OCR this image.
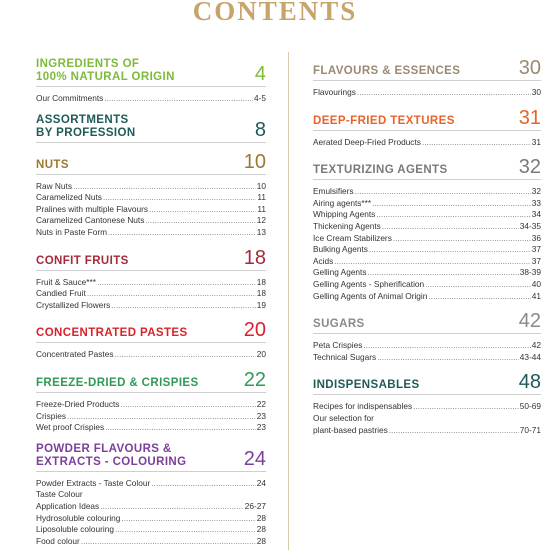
CONTENTS
INGREDIENTS OF
100% NATURAL ORIGIN	4
Our Commitments .....	4-5
ASSORTMENTS
BY PROFESSION	8
NUTS	10
Raw Nuts .....	10
Caramelized Nuts .....	11
Pralines with multiple Flavours .....	11
Caramelized Cantonese Nuts .....	12
Nuts in Paste Form .....	13
CONFIT FRUITS	18
Fruit & Sauce*** .....	18
Candied Fruit .....	18
Crystallized Flowers .....	19
CONCENTRATED PASTES	20
Concentrated Pastes .....	20
FREEZE-DRIED & CRISPIES 22
Freeze-Dried Products .....	22
Crispies .....	23
Wet proof Crispies .....	23
POWDER FLAVOURS &
EXTRACTS - COLOURING	24
Powder Extracts - Taste Colour .....	24
Taste Colour
Application Ideas .....	26-27
Hydrosoluble colouring .....	28
Liposoluble colouring .....	28
Food colour .....	28
FLAVOURS & ESSENCES	30
Flavourings .....	30
DEEP-FRIED TEXTURES	31
Aerated Deep-Fried Products .....	31
TEXTURIZING AGENTS	32
Emulsifiers .....	32
Airing agents*** .....	33
Whipping Agents .....	34
Thickening Agents .....	34-35
Ice Cream Stabilizers .....	36
Bulking Agents .....	37
Acids .....	37
Gelling Agents .....	38-39
Gelling Agents - Spherification .....	40
Gelling Agents of Animal Origin .....	41
SUGARS	42
Peta Crispies .....	42
Technical Sugars .....	43-44
INDISPENSABLES	48
Recipes for indispensables .....	50-69
Our selection for
plant-based pastries .....	70-71
